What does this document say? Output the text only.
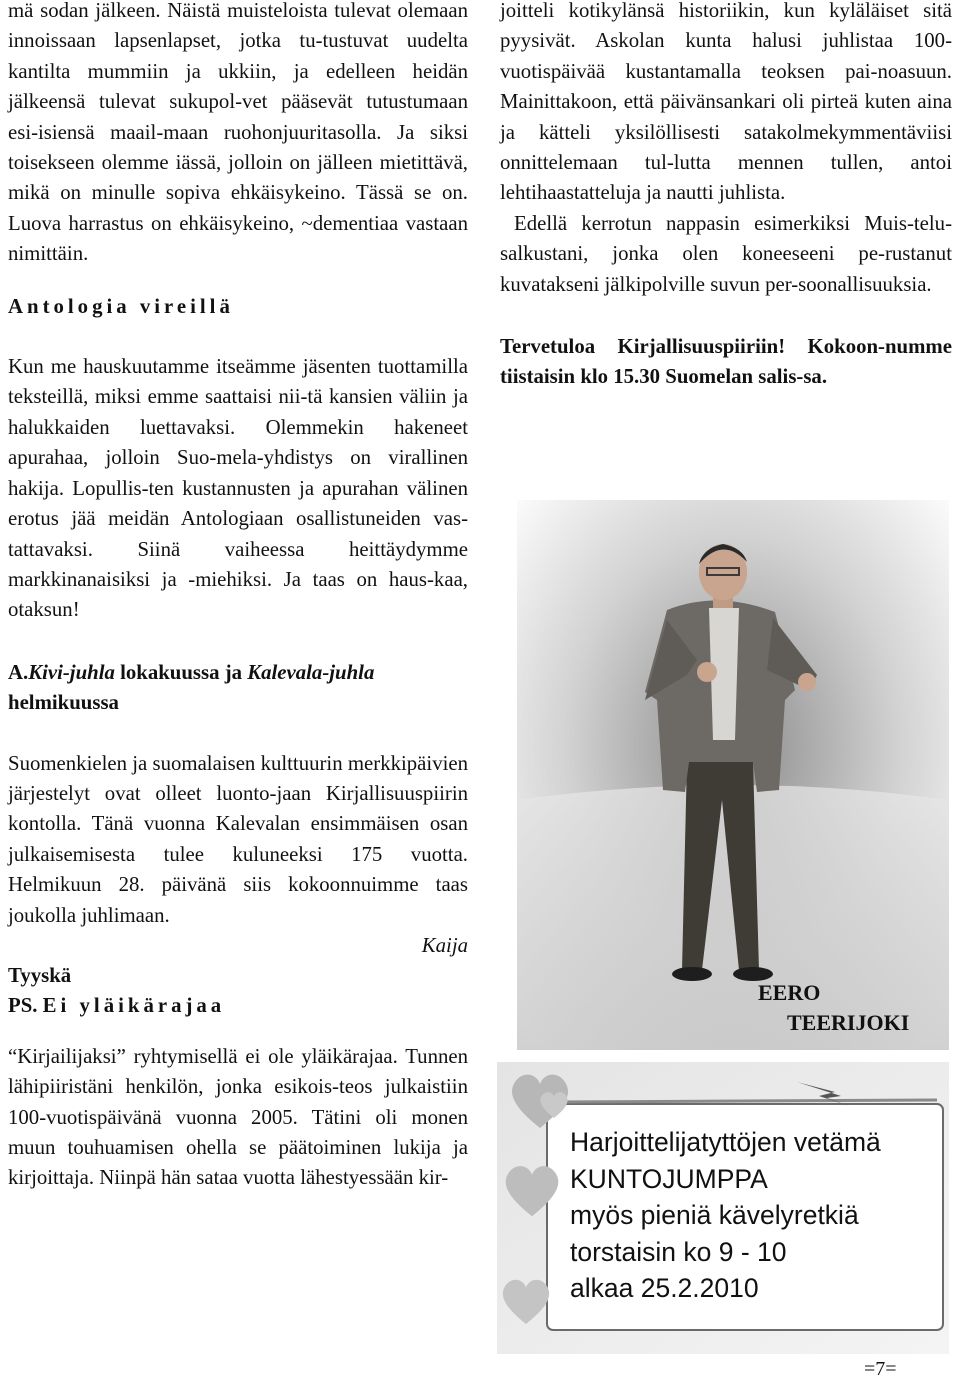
mä sodan jälkeen. Näistä muisteloista tulevat olemaan innoissaan lapsenlapset, jotka tu-tustuvat uudelta kantilta mummiin ja ukkiin, ja edelleen heidän jälkeensä tulevat sukupol-vet pääsevät tutustumaan esi-isiensä maail-maan ruohonjuuritasolla. Ja siksi toisekseen olemme iässä, jolloin on jälleen mietittävä, mikä on minulle sopiva ehkäisykeino. Tässä se on. Luova harrastus on ehkäisykeino, ~dementiaa vastaan nimittäin.

Antologia vireillä

Kun me hauskuutamme itseämme jäsenten tuottamilla teksteillä, miksi emme saattaisi nii-tä kansien väliin ja halukkaiden luettavaksi. Olemmekin hakeneet apurahaa, jolloin Suo-mela-yhdistys on virallinen hakija. Lopullis-ten kustannusten ja apurahan välinen erotus jää meidän Antologiaan osallistuneiden vas-tattavaksi. Siinä vaiheessa heittäydymme markkinanaisiksi ja -miehiksi. Ja taas on haus-kaa, otaksun!

A.Kivi-juhla lokakuussa ja Kalevala-juhla
helmikuussa

Suomenkielen ja suomalaisen kulttuurin merkkipäivien järjestelyt ovat olleet luonto-jaan Kirjallisuuspiirin kontolla. Tänä vuonna Kalevalan ensimmäisen osan julkaisemisesta tulee kuluneeksi 175 vuotta. Helmikuun 28. päivänä siis kokoonnuimme taas joukolla juhlimaan.

Kaija

Tyyskä
PS. Ei yläikärajaa

“Kirjailijaksi” ryhtymisellä ei ole yläikärajaa. Tunnen lähipiiristäni henkilön, jonka esikois-teos julkaistiin 100-vuotispäivänä vuonna 2005. Tätini oli monen muun touhuamisen ohella se päätoiminen lukija ja kirjoittaja. Niinpä hän sataa vuotta lähestyessään kir-

joitteli kotikylänsä historiikin, kun kyläläiset sitä pyysivät. Askolan kunta halusi juhlistaa 100-vuotispäivää kustantamalla teoksen pai-noasuun. Mainittakoon, että päivänsankari oli pirteä kuten aina ja kätteli yksilöllisesti satakolmekymmentäviisi onnittelemaan tul-lutta mennen tullen, antoi lehtihaastatteluja ja nautti juhlista.

Edellä kerrotun nappasin esimerkiksi Muis-telu-salkustani, jonka olen koneeseeni pe-rustanut kuvatakseni jälkipolville suvun per-soonallisuuksia.

Tervetuloa Kirjallisuuspiiriin! Kokoon-numme tiistaisin klo 15.30 Suomelan salis-sa.

EERO
TEERIJOKI
Harjoittelijatyttöjen vetämä
KUNTOJUMPPA
myös pieniä kävelyretkiä
torstaisin ko 9 - 10
alkaa 25.2.2010
=7=
